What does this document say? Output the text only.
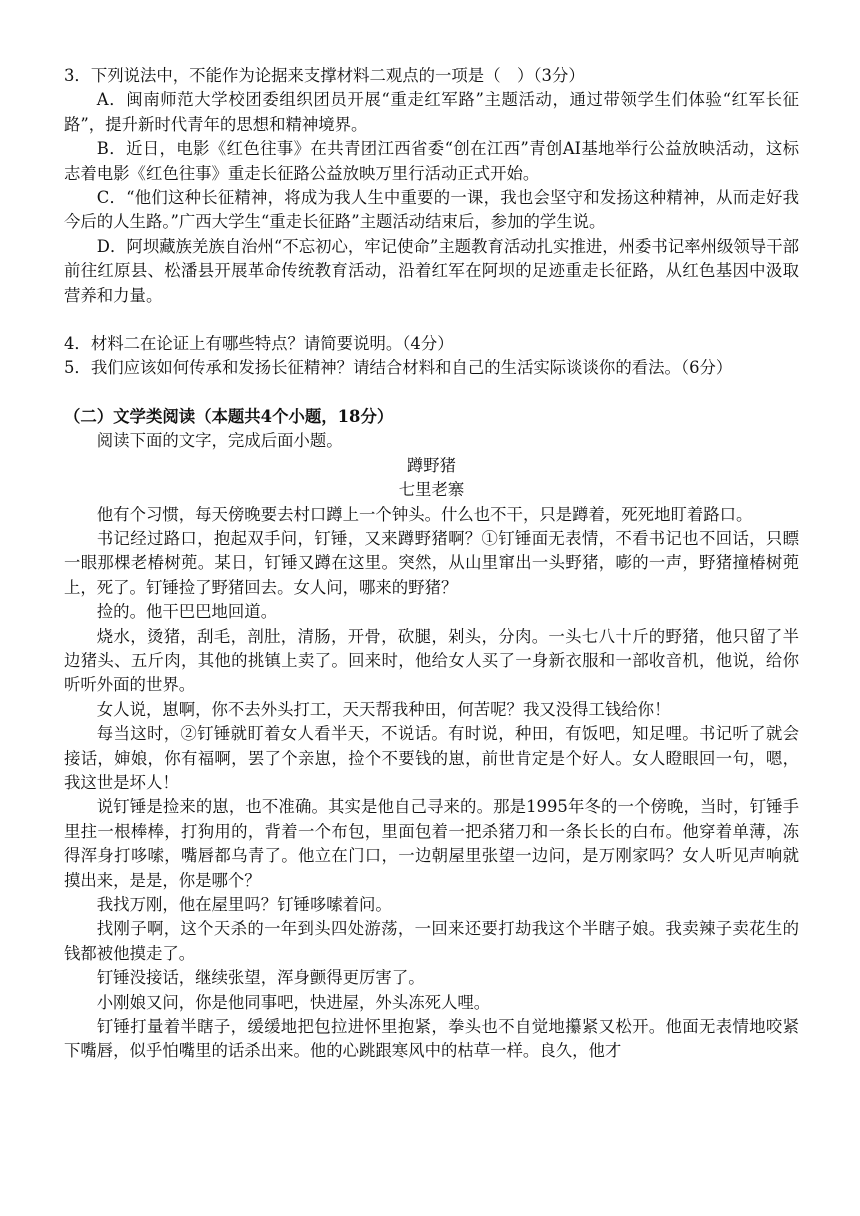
3．下列说法中，不能作为论据来支撑材料二观点的一项是（　）（3分）

A．闽南师范大学校团委组织团员开展“重走红军路”主题活动，通过带领学生们体验“红军长征路”，提升新时代青年的思想和精神境界。

B．近日，电影《红色往事》在共青团江西省委“创在江西”青创AI基地举行公益放映活动，这标志着电影《红色往事》重走长征路公益放映万里行活动正式开始。

C．“他们这种长征精神，将成为我人生中重要的一课，我也会坚守和发扬这种精神，从而走好我今后的人生路。”广西大学生“重走长征路”主题活动结束后，参加的学生说。

D．阿坝藏族羌族自治州“不忘初心，牢记使命”主题教育活动扎实推进，州委书记率州级领导干部前往红原县、松潘县开展革命传统教育活动，沿着红军在阿坝的足迹重走长征路，从红色基因中汲取营养和力量。

4．材料二在论证上有哪些特点？请简要说明。（4分）

5．我们应该如何传承和发扬长征精神？请结合材料和自己的生活实际谈谈你的看法。（6分）

（二）文学类阅读（本题共4个小题，18分）

阅读下面的文字，完成后面小题。

蹲野猪

七里老寨

他有个习惯，每天傍晚要去村口蹲上一个钟头。什么也不干，只是蹲着，死死地盯着路口。

书记经过路口，抱起双手问，钉锤，又来蹲野猪啊？①钉锤面无表情，不看书记也不回话，只瞟一眼那棵老椿树蔸。某日，钉锤又蹲在这里。突然，从山里窜出一头野猪，嘭的一声，野猪撞椿树蔸上，死了。钉锤捡了野猪回去。女人问，哪来的野猪？

捡的。他干巴巴地回道。

烧水，烫猪，刮毛，剖肚，清肠，开骨，砍腿，剁头，分肉。一头七八十斤的野猪，他只留了半边猪头、五斤肉，其他的挑镇上卖了。回来时，他给女人买了一身新衣服和一部收音机，他说，给你听听外面的世界。

女人说，崽啊，你不去外头打工，天天帮我种田，何苦呢？我又没得工钱给你！

每当这时，②钉锤就盯着女人看半天，不说话。有时说，种田，有饭吧，知足哩。书记听了就会接话，婶娘，你有福啊，罢了个亲崽，捡个不要钱的崽，前世肯定是个好人。女人瞪眼回一句，嗯，我这世是坏人！

说钉锤是捡来的崽，也不准确。其实是他自己寻来的。那是1995年冬的一个傍晚，当时，钉锤手里拄一根棒棒，打狗用的，背着一个布包，里面包着一把杀猪刀和一条长长的白布。他穿着单薄，冻得浑身打哆嗦，嘴唇都乌青了。他立在门口，一边朝屋里张望一边问，是万刚家吗？女人听见声响就摸出来，是是，你是哪个？

我找万刚，他在屋里吗？钉锤哆嗦着问。

找刚子啊，这个天杀的一年到头四处游荡，一回来还要打劫我这个半瞎子娘。我卖辣子卖花生的钱都被他摸走了。

钉锤没接话，继续张望，浑身颤得更厉害了。

小刚娘又问，你是他同事吧，快进屋，外头冻死人哩。

钉锤打量着半瞎子，缓缓地把包拉进怀里抱紧，拳头也不自觉地攥紧又松开。他面无表情地咬紧下嘴唇，似乎怕嘴里的话杀出来。他的心跳跟寒风中的枯草一样。良久，他才
